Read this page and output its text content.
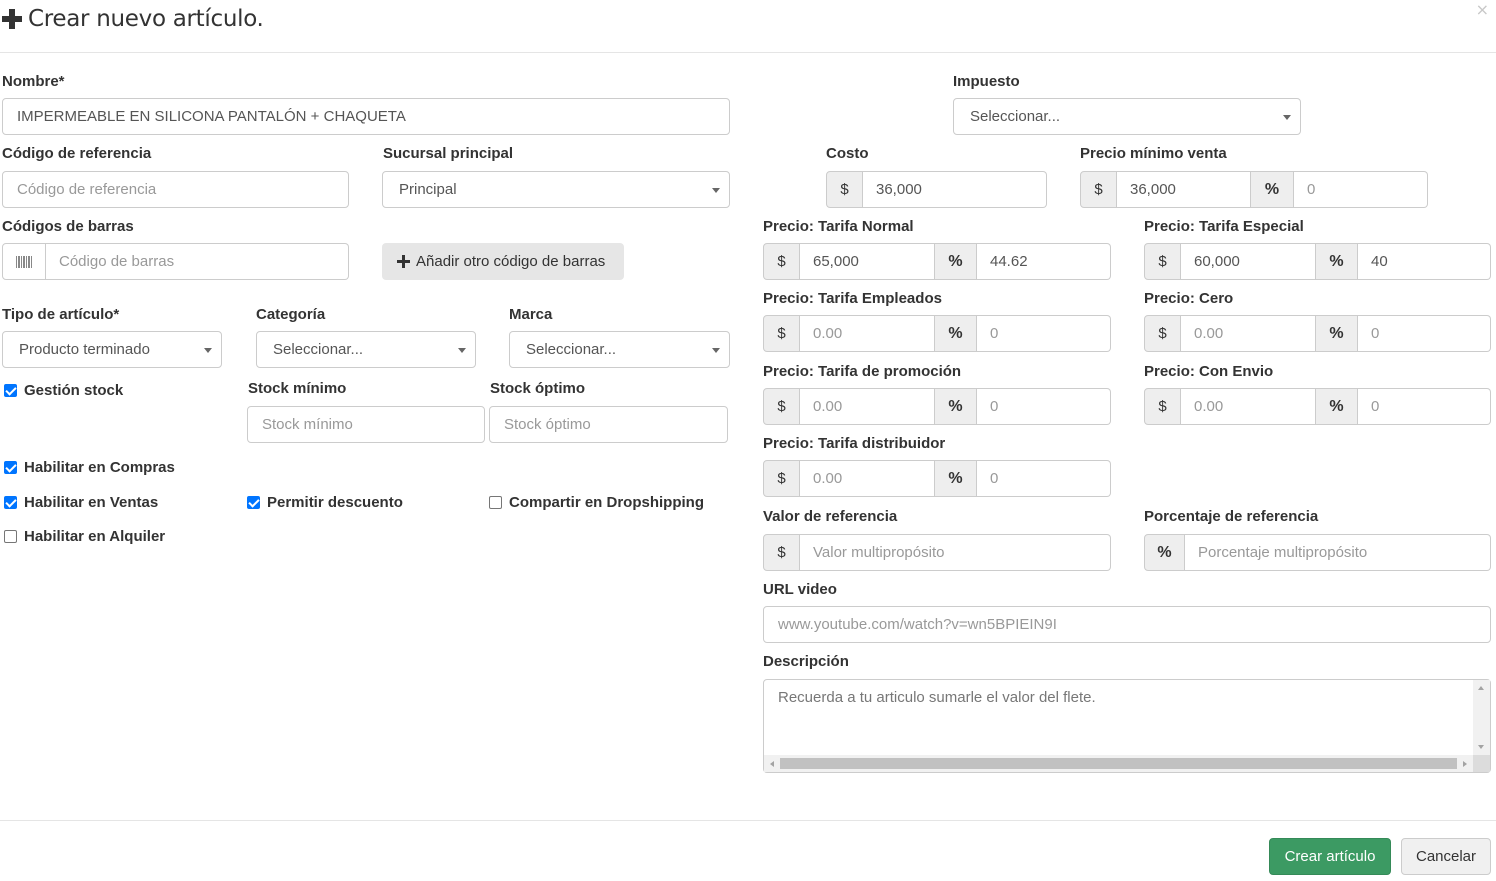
Crear nuevo artículo.	×
Nombre*
IMPERMEABLE EN SILICONA PANTALÓN + CHAQUETA
Código de referencia
Código de referencia
Sucursal principal
Principal
Códigos de barras
Código de barras	Añadir otro código de barras
Tipo de artículo*
Producto terminado
Categoría
Seleccionar...
Marca
Seleccionar...
Gestión stock	Stock mínimo
Stock mínimo
Stock óptimo
Stock óptimo
Habilitar en Compras
Habilitar en Ventas	Permitir descuento	Compartir en Dropshipping
Habilitar en Alquiler
Impuesto
Seleccionar...
Costo
$	36,000
Precio mínimo venta
$	36,000	%	0
Precio: Tarifa Normal
$	65,000	%	44.62
Precio: Tarifa Especial
$	60,000	%	40
Precio: Tarifa Empleados
$	0.00	%	0
Precio: Cero
$	0.00	%	0
Precio: Tarifa de promoción
$	0.00	%	0
Precio: Con Envio
$	0.00	%	0
Precio: Tarifa distribuidor
$	0.00	%	0
Valor de referencia
$	Valor multipropósito
Porcentaje de referencia
%	Porcentaje multipropósito
URL video
www.youtube.com/watch?v=wn5BPIEIN9I
Descripción
Recuerda a tu articulo sumarle el valor del flete.
Crear artículo	Cancelar
